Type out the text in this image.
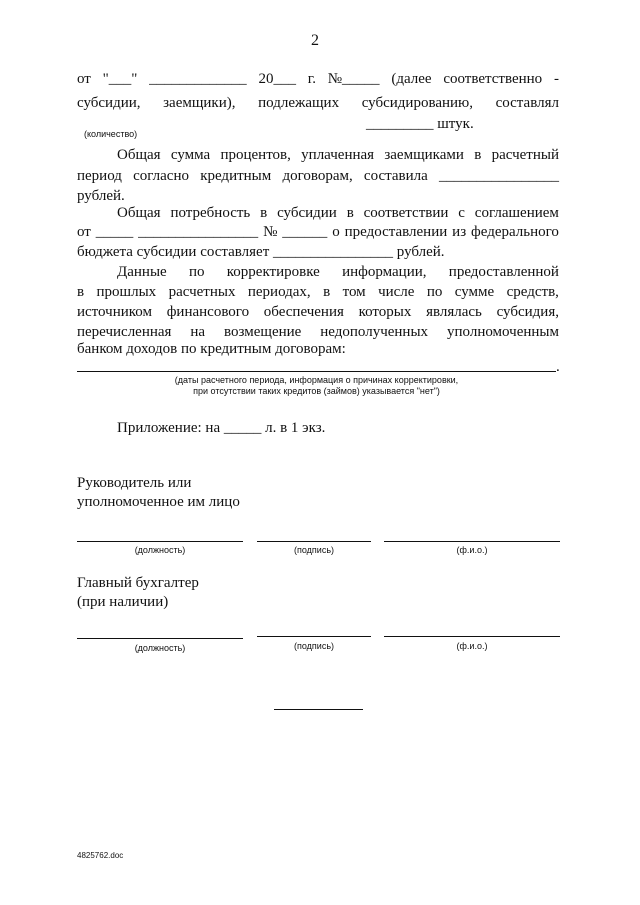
2
от "___" _____________ 20___ г. №_____ (далее соответственно -
субсидии, заемщики), подлежащих субсидированию, составлял
_________ штук.
(количество)
Общая сумма процентов, уплаченная заемщиками в расчетный
период согласно кредитным договорам, составила ________________
рублей.
Общая потребность в субсидии в соответствии с соглашением
от _____ ________________ № ______ о предоставлении из федерального
бюджета субсидии составляет ________________ рублей.
Данные по корректировке информации, предоставленной
в прошлых расчетных периодах, в том числе по сумме средств,
источником финансового обеспечения которых являлась субсидия,
перечисленная на возмещение недополученных уполномоченным
банком доходов по кредитным договорам:
.
(даты расчетного периода, информация о причинах корректировки,
при отсутствии таких кредитов (займов) указывается "нет")
Приложение: на _____ л. в 1 экз.
Руководитель или
уполномоченное им лицо
(должность)	(подпись)	(ф.и.о.)
Главный бухгалтер
(при наличии)
(должность)	(подпись)	(ф.и.о.)
4825762.doc
